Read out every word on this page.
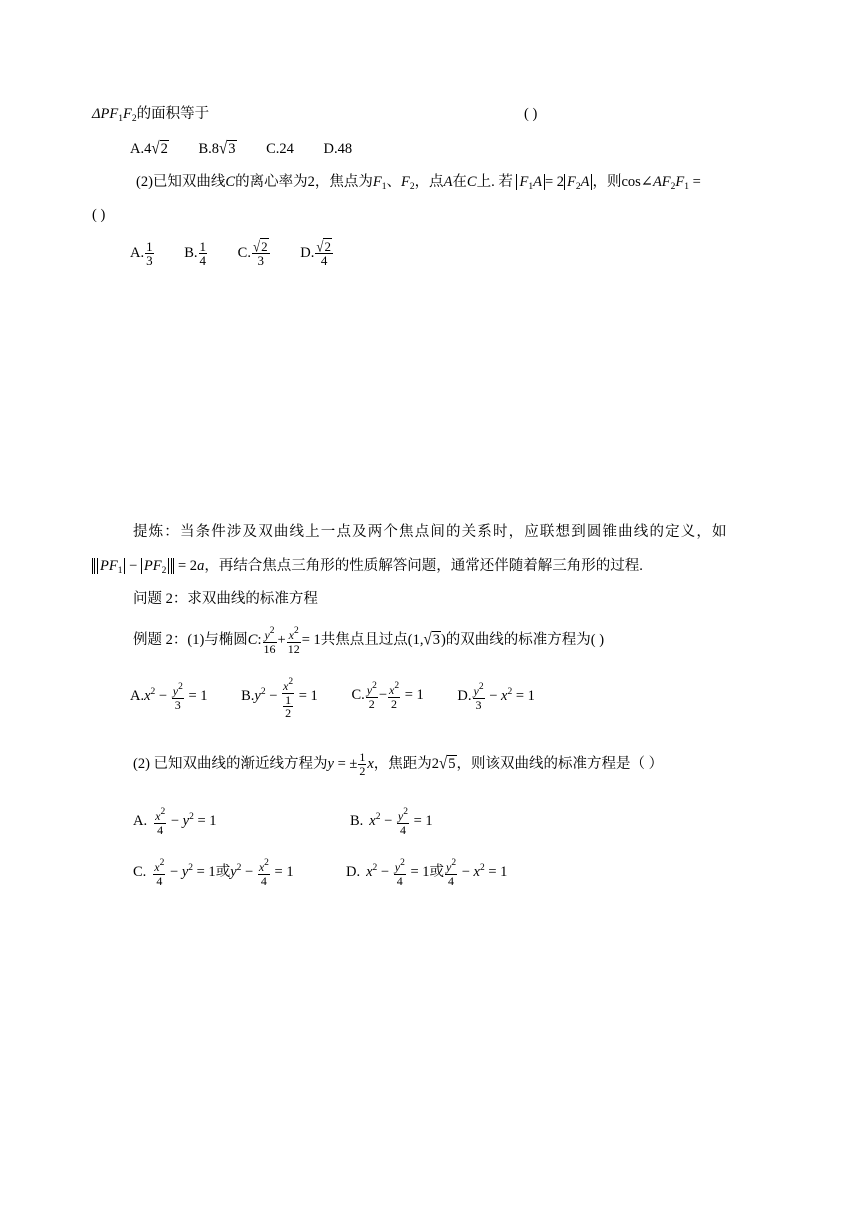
$\Delta PF_1F_2$的面积等于	( )
A.4√2 B.8√3 C.24 D.48
(2)已知双曲线C的离心率为2，焦点为$F_1$、$F_2$，点A在C上. 若 $F_1A = 2$ $F_2A$ ，则$\cos\angle AF_2F_1$ =
( )
A. $\frac{1}{3} B$. $\frac{1}{4} C$. $\frac{√2}{3} D$. $\frac{√2}{4}$
提炼：当条件涉及双曲线上一点及两个焦点间的关系时，应联想到圆锥曲线的定义，如
$PF_1 - PF_2 = 2a$，再结合焦点三角形的性质解答问题，通常还伴随着解三角形的过程.
问题 2：求双曲线的标准方程
例题 2：(1)与椭圆C: $\frac{y^2}{16} + \frac{x^2}{12} = 1$共焦点且过点(1,√3)的双曲线的标准方程为( )
$A.x^2 - \frac{y^2}{3} = 1$ $B.y^2 - x^2$
1
2 = 1 C. $\frac{y^2}{2} - \frac{x^2}{2} = 1$ D. $\frac{y^2}{3} - x^2 = 1$
(2) 已知双曲线的渐近线方程为y = ± $\frac{1}{2}$ x，焦距为2√5，则该双曲线的标准方程是（ ）
A. $\frac{x^2}{4} - y^2 = 1$	B. $x^2 - \frac{y^2}{4} = 1$
C. $\frac{x^2}{4} - y^2 = 1$或$y^2 - \frac{x^2}{4} = 1$	D. $x^2 - \frac{y^2}{4} = 1$或 $\frac{y^2}{4} - x^2 = 1$
